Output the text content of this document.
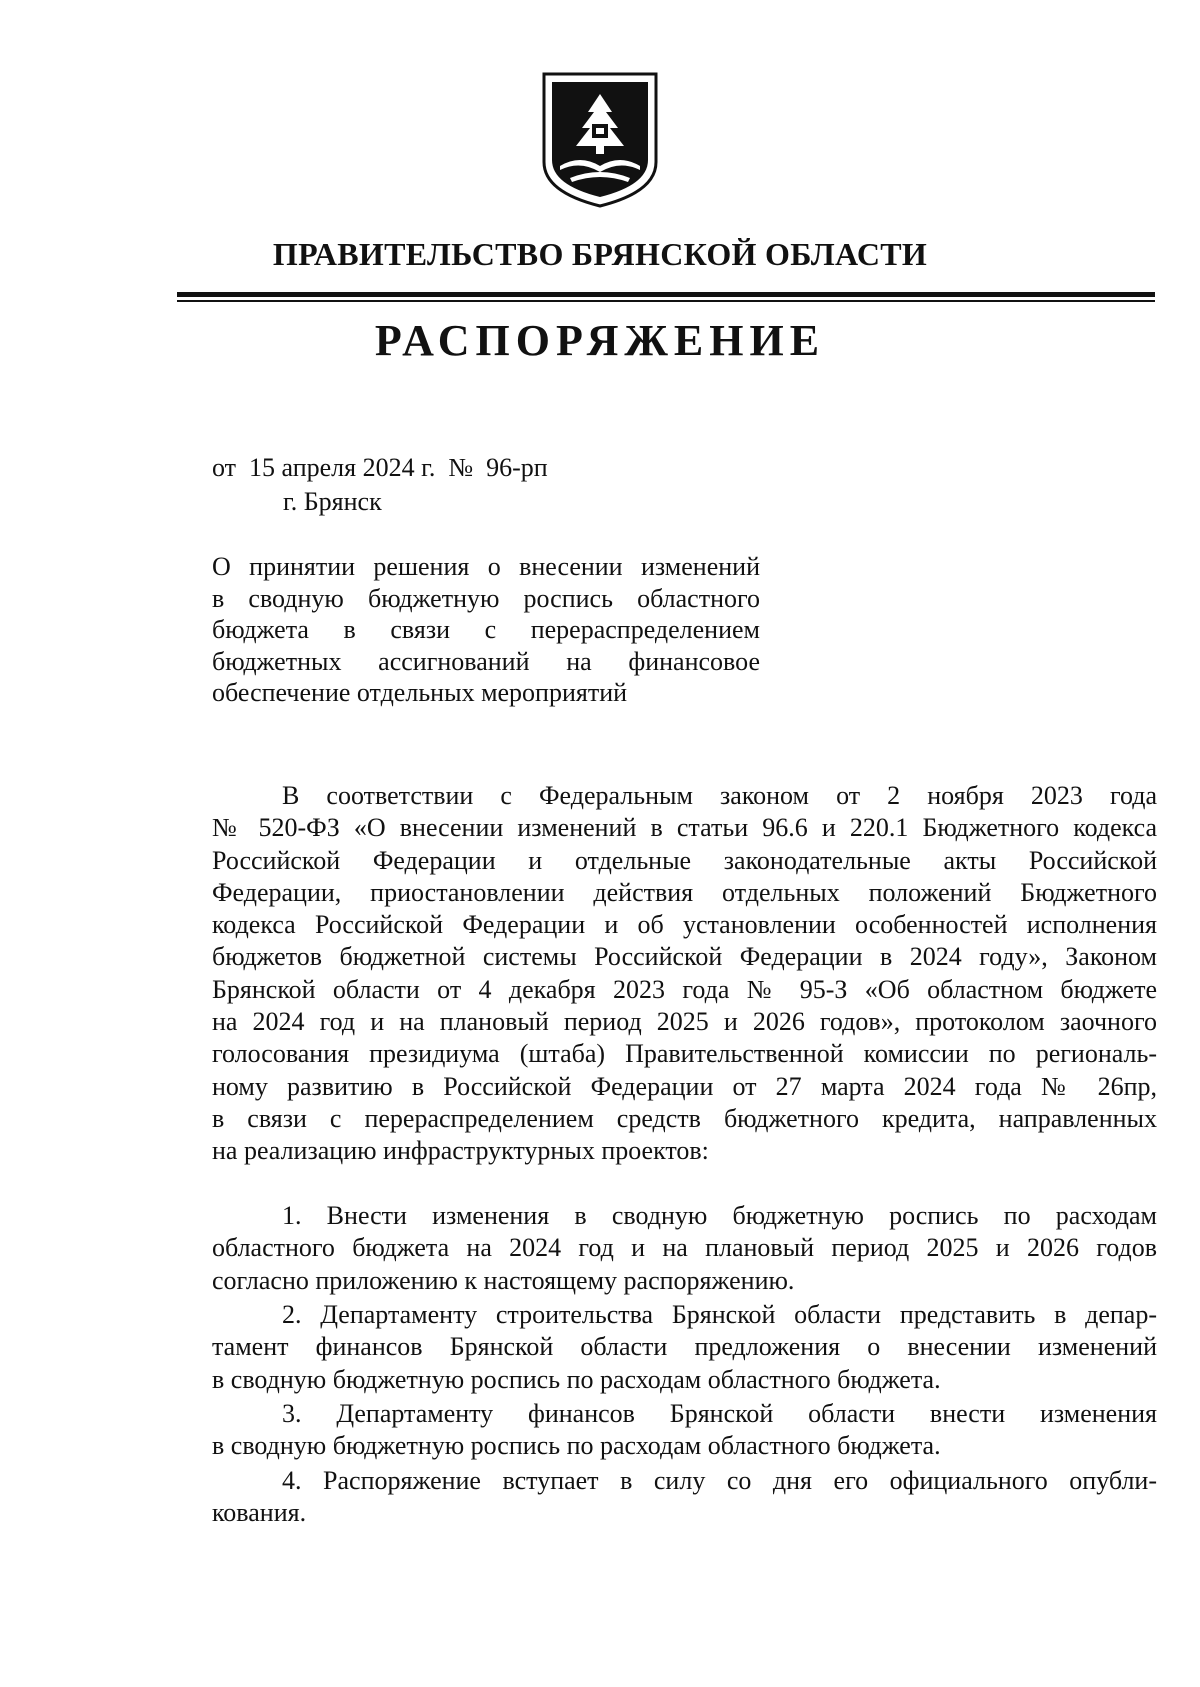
ПРАВИТЕЛЬСТВО БРЯНСКОЙ ОБЛАСТИ
РАСПОРЯЖЕНИЕ
от  15 апреля 2024 г.  №  96-рп
г. Брянск
О принятии решения о внесении изменений
в сводную бюджетную роспись областного
бюджета в связи с перераспределением
бюджетных ассигнований на финансовое
обеспечение отдельных мероприятий
В соответствии с Федеральным законом от 2 ноября 2023 года
№ 520-ФЗ «О внесении изменений в статьи 96.6 и 220.1 Бюджетного кодекса
Российской Федерации и отдельные законодательные акты Российской
Федерации, приостановлении действия отдельных положений Бюджетного
кодекса Российской Федерации и об установлении особенностей исполнения
бюджетов бюджетной системы Российской Федерации в 2024 году», Законом
Брянской области от 4 декабря 2023 года № 95-З «Об областном бюджете
на 2024 год и на плановый период 2025 и 2026 годов», протоколом заочного
голосования президиума (штаба) Правительственной комиссии по региональ-
ному развитию в Российской Федерации от 27 марта 2024 года № 26пр,
в связи с перераспределением средств бюджетного кредита, направленных
на реализацию инфраструктурных проектов:
1. Внести изменения в сводную бюджетную роспись по расходам
областного бюджета на 2024 год и на плановый период 2025 и 2026 годов
согласно приложению к настоящему распоряжению.
2. Департаменту строительства Брянской области представить в депар-
тамент финансов Брянской области предложения о внесении изменений
в сводную бюджетную роспись по расходам областного бюджета.
3. Департаменту финансов Брянской области внести изменения
в сводную бюджетную роспись по расходам областного бюджета.
4. Распоряжение вступает в силу со дня его официального опубли-
кования.
